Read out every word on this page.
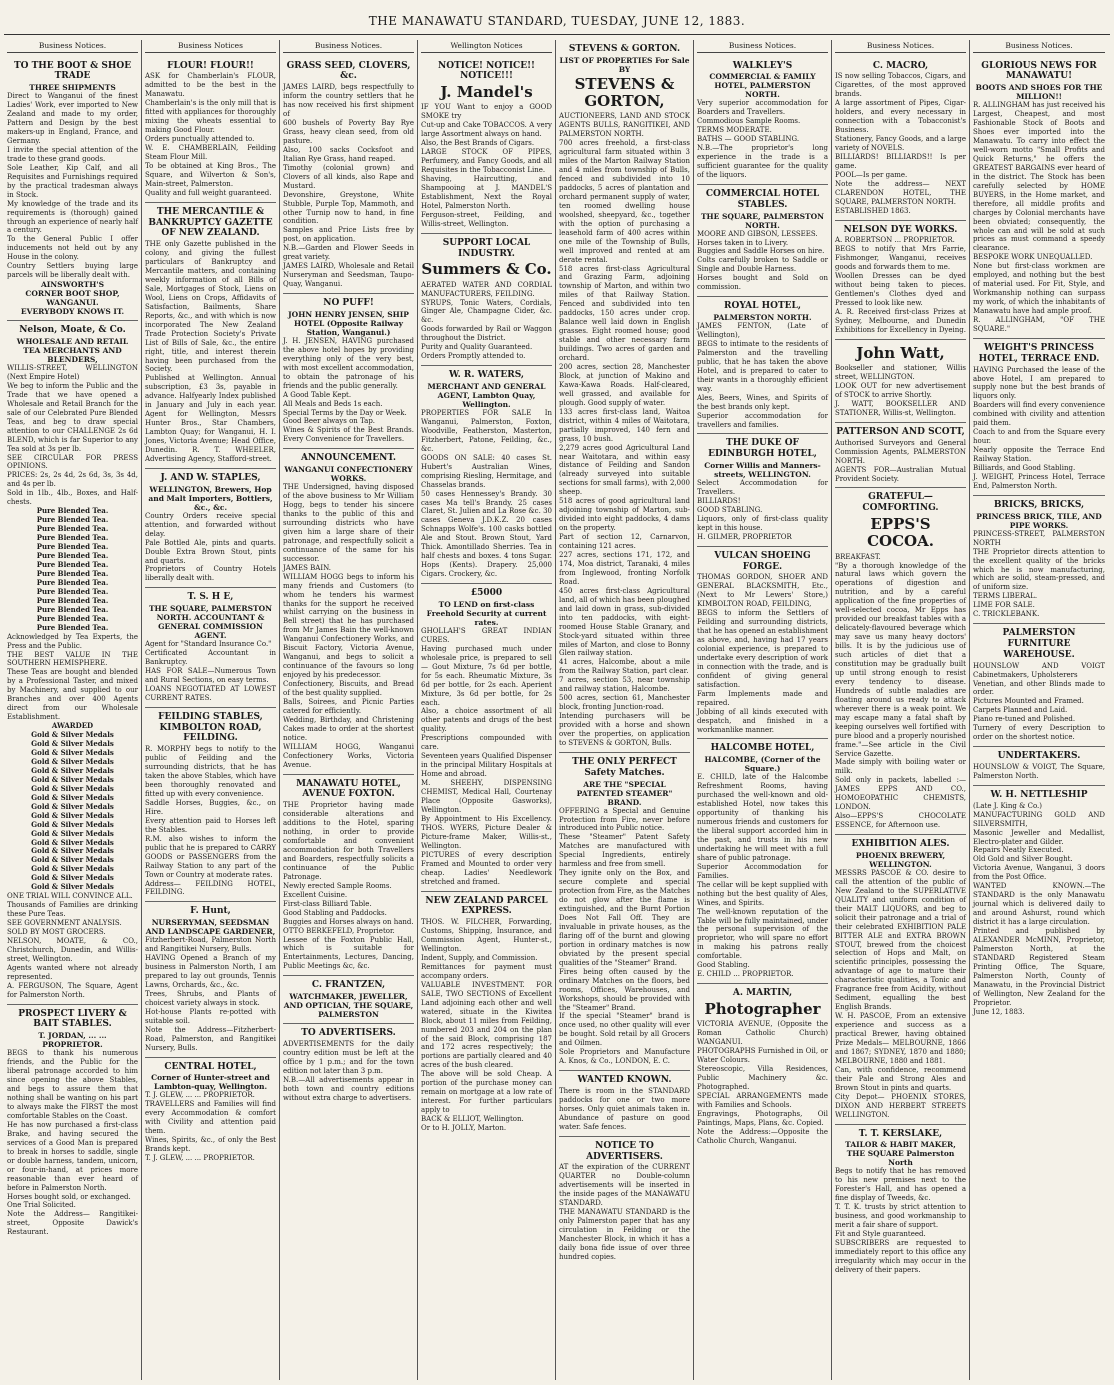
THE MANAWATU STANDARD, TUESDAY, JUNE 12, 1883.
Business Notices.
TO THE BOOT & SHOE TRADE
THREE SHIPMENTS
Direct to Wanganui of the finest Ladies' Work, ever imported to New Zealand and made to my order, Pattern and Design by the best makers-up in England, France, and Germany.
I invite the special attention of the trade to these grand goods.
Sole Leather, Kip Calf, and all Requisites and Furnishings required by the practical tradesman always in Stock.
My knowledge of the trade and its requirements is (thorough) gained through an experience of nearly half a century.
To the General Public I offer inducements not held out by any House in the colony.
Country Settlers buying large parcels will be liberally dealt with.
AINSWORTH'S
CORNER BOOT SHOP, WANGANUI.
EVERYBODY KNOWS IT.
Nelson, Moate, & Co.
WHOLESALE AND RETAIL TEA MERCHANTS AND BLENDERS,
WILLIS-STREET, WELLINGTON (Next Empire Hotel)
We beg to inform the Public and the Trade that we have opened a Wholesale and Retail Branch for the sale of our Celebrated Pure Blended Teas, and beg to draw special attention to our CHALLENGE 2s 6d BLEND, which is far Superior to any Tea sold at 3s per lb.
SEE CIRCULAR FOR PRESS OPINIONS.
PRICES: 2s, 2s 4d, 2s 6d, 3s, 3s 4d, and 4s per lb.
Sold in 1lb., 4lb., Boxes, and Half-chests.
Pure Blended Tea.
Pure Blended Tea.
Pure Blended Tea.
Pure Blended Tea.
Pure Blended Tea.
Pure Blended Tea.
Pure Blended Tea.
Pure Blended Tea.
Pure Blended Tea.
Pure Blended Tea.
Pure Blended Tea.
Pure Blended Tea.
Pure Blended Tea.
Pure Blended Tea.
Acknowledged by Tea Experts, the Press and the Public.
THE BEST VALUE IN THE SOUTHERN HEMISPHERE.
These Teas are bought and blended by a Professional Taster, and mixed by Machinery, and supplied to our Branches and over 400 Agents direct from our Wholesale Establishment.
AWARDED
Gold & Silver Medals
Gold & Silver Medals
Gold & Silver Medals
Gold & Silver Medals
Gold & Silver Medals
Gold & Silver Medals
Gold & Silver Medals
Gold & Silver Medals
Gold & Silver Medals
Gold & Silver Medals
Gold & Silver Medals
Gold & Silver Medals
Gold & Silver Medals
Gold & Silver Medals
Gold & Silver Medals
Gold & Silver Medals
Gold & Silver Medals
Gold & Silver Medals
ONE TRIAL WILL CONVINCE ALL.
Thousands of Families are drinking these Pure Teas.
SEE GOVERNMENT ANALYSIS.
SOLD BY MOST GROCERS.
NELSON, MOATE, & CO., Christchurch, Dunedin, and Willis-street, Wellington.
Agents wanted where not already represented.
A. FERGUSON, The Square, Agent for Palmerston North.
PROSPECT LIVERY & BAIT STABLES.
T. JORDAN, ... ... PROPRIETOR.
BEGS to thank his numerous friends, and the Public for the liberal patronage accorded to him since opening the above Stables, and begs to assure them that nothing shall be wanting on his part to always make the FIRST the most comfortable Stables on the Coast.
He has now purchased a first-class Brake, and having secured the services of a Good Man is prepared to break in horses to saddle, single or double harness, tandem, unicorn, or four-in-hand, at prices more reasonable than ever heard of before in Palmerston North.
Horses bought sold, or exchanged.
One Trial Solicited.
Note the Address— Rangitikei-street, Opposite Dawick's Restaurant.
Business Notices
FLOUR! FLOUR!!
ASK for Chamberlain's FLOUR, admitted to be the best in the Manawatu.
Chamberlain's is the only mill that is fitted with appliances for thoroughly mixing the wheats essential to making Good Flour.
Orders punctually attended to.
W. E. CHAMBERLAIN, Feilding Steam Flour Mill.
To be obtained at King Bros., The Square, and Wilverton & Son's, Main-street, Palmerston.
Quality and full weight guaranteed.
THE MERCANTILE & BANKRUPTCY GAZETTE OF NEW ZEALAND.
THE only Gazette published in the colony, and giving the fullest particulars of Bankruptcy and Mercantile matters, and containing weekly information of all Bills of Sale, Mortgages of Stock, Liens on Wool, Liens on Crops, Affidavits of Satisfaction, Bailments, Share Reports, &c., and with which is now incorporated The New Zealand Trade Protection Society's Private List of Bills of Sale, &c., the entire right, title, and interest therein having been purchased from the Society.
Published at Wellington. Annual subscription, £3 3s, payable in advance. Halfyearly Index published in January and July in each year. Agent for Wellington, Messrs Hunter Bros., Star Chambers, Lambton Quay; for Wanganui, H. I. Jones, Victoria Avenue; Head Office, Dunedin. R. T. WHEELER, Advertising Agency, Stafford-street.
J. AND W. STAPLES,
WELLINGTON, Brewers, Hop and Malt Importers, Bottlers, &c., &c.
Country Orders receive special attention, and forwarded without delay.
Pale Bottled Ale, pints and quarts. Double Extra Brown Stout, pints and quarts.
Proprietors of Country Hotels liberally dealt with.
T. S. H E,
THE SQUARE, PALMERSTON NORTH. ACCOUNTANT & GENERAL COMMISSION AGENT.
Agent for "Standard Insurance Co."
Certificated Accountant in Bankruptcy.
HAS FOR SALE—Numerous Town and Rural Sections, on easy terms.
LOANS NEGOTIATED AT LOWEST CURRENT RATES.
FEILDING STABLES, KIMBOLTON ROAD, FEILDING.
R. MORPHY begs to notify to the public of Feilding and the surrounding districts, that he has taken the above Stables, which have been thoroughly renovated and fitted up with every convenience.
Saddle Horses, Buggies, &c., on Hire.
Every attention paid to Horses left the Stables.
R.M. also wishes to inform the public that he is prepared to CARRY GOODS or PASSENGERS from the Railway Station to any part of the Town or Country at moderate rates.
Address— FEILDING HOTEL, FEILDING.
F. Hunt,
NURSERYMAN, SEEDSMAN AND LANDSCAPE GARDENER,
Fitzherbert-Road, Palmerston North and Rangitikei Nursery, Bulls.
HAVING Opened a Branch of my business in Palmerston North, I am prepared to lay out grounds, Tennis Lawns, Orchards, &c., &c.
Trees, Shrubs, and Plants of choicest variety always in stock.
Hot-house Plants re-potted with suitable soil.
Note the Address—Fitzherbert-Road, Palmerston, and Rangitikei Nursery, Bulls.
CENTRAL HOTEL,
Corner of Hunter-street and Lambton-quay, Wellington.
T. J. GLEW, ... ... PROPRIETOR.
TRAVELLERS and Families will find every Accommodation & comfort with Civility and attention paid them.
Wines, Spirits, &c., of only the Best Brands kept.
T. J. GLEW, ... ... PROPRIETOR.
Business Notices.
GRASS SEED, CLOVERS, &c.
JAMES LAIRD, begs respectfully to inform the country settlers that he has now received his first shipment of
600 bushels of Poverty Bay Rye Grass, heavy clean seed, from old pasture.
Also, 100 sacks Cocksfoot and Italian Rye Grass, hand reaped.
Timothy (colonial grown) and Clovers of all kinds, also Rape and Mustard.
Devonshire, Greystone, White Stubble, Purple Top, Mammoth, and other Turnip now to hand, in fine condition.
Samples and Price Lists free by post, on application.
N.B.—Garden and Flower Seeds in great variety.
JAMES LAIRD, Wholesale and Retail Nurseryman and Seedsman, Taupo-Quay, Wanganui.
NO PUFF!
JOHN HENRY JENSEN, SHIP HOTEL (Opposite Railway Station, Wanganui.)
J. H. JENSEN, HAVING purchased the above hotel hopes by providing everything only of the very best, with most excellent accommodation, to obtain the patronage of his friends and the public generally.
A Good Table Kept.
All Meals and Beds 1s each.
Special Terms by the Day or Week.
Good Beer always on Tap.
Wines & Spirits of the Best Brands. Every Convenience for Travellers.
ANNOUNCEMENT.
WANGANUI CONFECTIONERY WORKS.
THE Undersigned, having disposed of the above business to Mr William Hogg, begs to tender his sincere thanks to the public of this and surrounding districts who have given him a large share of their patronage, and respectfully solicit a continuance of the same for his successor.
JAMES BAIN.
WILLIAM HOGG begs to inform his many friends and Customers (to whom he tenders his warmest thanks for the support he received whilst carrying on the business in Bell street) that he has purchased from Mr James Bain the well-known Wanganui Confectionery Works, and Biscuit Factory, Victoria Avenue, Wanganui, and begs to solicit a continuance of the favours so long enjoyed by his predecessor.
Confectionery, Biscuits, and Bread of the best quality supplied.
Balls, Soirees, and Picnic Parties catered for efficiently.
Wedding, Birthday, and Christening Cakes made to order at the shortest notice.
WILLIAM HOGG, Wanganui Confectionery Works, Victoria Avenue.
MANAWATU HOTEL, AVENUE FOXTON.
THE Proprietor having made considerable alterations and additions to the Hotel, sparing nothing, in order to provide comfortable and convenient accommodation for both Travellers and Boarders, respectfully solicits a continuance of the Public Patronage.
Newly erected Sample Rooms.
Excellent Cuisine.
First-class Billiard Table.
Good Stabling and Paddocks.
Buggies and Horses always on hand.
OTTO BERKEFELD, Proprietor.
Lessee of the Foxton Public Hall, which is suitable for Entertainments, Lectures, Dancing, Public Meetings &c, &c.
C. FRANTZEN,
WATCHMAKER, JEWELLER, AND OPTICIAN, THE SQUARE, PALMERSTON
TO ADVERTISERS.
ADVERTISEMENTS for the daily country edition must be left at the office by 1 p.m.; and for the town edition not later than 3 p.m.
N.B.—All advertisements appear in both town and country editions without extra charge to advertisers.
Wellington Notices
NOTICE! NOTICE!! NOTICE!!!
J. Mandel's
IF YOU Want to enjoy a GOOD SMOKE try
Cut-up and Cake TOBACCOS. A very large Assortment always on hand.
Also, the Best Brands of Cigars.
LARGE STOCK OF PIPES, Perfumery, and Fancy Goods, and all Requisites in the Tobacconist Line.
Shaving, Haircutting, and Shampooing at J. MANDEL'S Establishment, Next the Royal Hotel, Palmerston North.
Ferguson-street, Feilding, and Willis-street, Wellington.
SUPPORT LOCAL INDUSTRY.
Summers & Co.
AERATED WATER AND CORDIAL MANUFACTURERS, FEILDING.
SYRUPS, Tonic Waters, Cordials, Ginger Ale, Champagne Cider, &c. &c.
Goods forwarded by Rail or Waggon throughout the District.
Purity and Quality Guaranteed.
Orders Promptly attended to.
W. R. WATERS,
MERCHANT AND GENERAL AGENT, Lambton Quay, Wellington.
PROPERTIES FOR SALE In Wanganui, Palmerston, Foxton, Woodville, Featherston, Masterton, Fitzherbert, Patone, Feilding, &c., &c.
GOODS ON SALE: 40 cases St. Hubert's Australian Wines, comprising Riesling, Hermitage, and Chasselas brands.
50 cases Hennessey's Brandy. 30 cases Ma tell's Brandy. 25 cases Claret, St. Julien and La Rose &c. 30 cases Geneva J.D.K.Z. 20 cases Schnapps Wolfe's. 100 casks bottled Ale and Stout. Brown Stout, Yard Thick. Amontillado Sherries. Tea in half chests and boxes. 4 tons Sugar. Hops (Kents). Drapery. 25,000 Cigars. Crockery, &c.
£5000
TO LEND on first-class Freehold Security at current rates.
GHOLLAH'S GREAT INDIAN CURES.
Having purchased much under wholesale price, is prepared to sell— Gout Mixture, 7s 6d per bottle, for 5s each. Rheumatic Mixture, 3s 6d per bottle, for 2s each. Aperient Mixture, 3s 6d per bottle, for 2s each.
Also, a choice assortment of all other patents and drugs of the best quality.
Prescriptions compounded with care.
Seventeen years Qualified Dispenser in the principal Military Hospitals at Home and abroad.
M. SHEEHY, DISPENSING CHEMIST, Medical Hall, Courtenay Place (Opposite Gasworks), Wellington.
By Appointment to His Excellency. THOS. WYERS, Picture Dealer & Picture-frame Maker, Willis-st., Wellington.
PICTURES of every description Framed and Mounted to order very cheap. Ladies' Needlework stretched and framed.
NEW ZEALAND PARCEL EXPRESS.
THOS. W. FILCHER, Forwarding, Customs, Shipping, Insurance, and Commission Agent, Hunter-st., Wellington.
Indent, Supply, and Commission.
Remittances for payment must accompany orders.
VALUABLE INVESTMENT. FOR SALE, TWO SECTIONS of Excellent Land adjoining each other and well watered, situate in the Kiwitea Block, about 11 miles from Feilding, numbered 203 and 204 on the plan of the said Block, comprising 187 and 172 acres respectively; the portions are partially cleared and 40 acres of the bush cleared.
The above will be sold Cheap. A portion of the purchase money can remain on mortgage at a low rate of interest. For further particulars apply to
BACK & ELLIOT, Wellington.
Or to H. JOLLY, Marton.
STEVENS & GORTON.
LIST OF PROPERTIES For Sale BY
STEVENS & GORTON,
AUCTIONEERS, LAND AND STOCK AGENTS BULLS, RANGITIKEI, AND PALMERSTON NORTH.
700 acres freehold, a first-class agricultural farm situated within 3 miles of the Marton Railway Station and 4 miles from township of Bulls, fenced and subdivided into 10 paddocks, 5 acres of plantation and orchard permanent supply of water, ten roomed dwelling house woolshed, sheepyard, &c., together with the option of purchasing a leasehold farm of 400 acres within one mile of the Township of Bulls, well improved and rented at am derate rental.
518 acres first-class Agricultural and Grazing Farm, adjoining township of Marton, and within two miles of that Railway Station. Fenced and subdivided into ten paddocks, 150 acres under crop. Balance well laid down in English grasses. Eight roomed house; good stable and other necessary farm buildings. Two acres of garden and orchard.
200 acres, section 28, Manchester Block, at junction of Makino and Kawa-Kawa Roads. Half-cleared, well grassed, and available for plough. Good supply of water.
133 acres first-class land, Waitoa district, within 4 miles of Waitotara, partially improved, 140 fern and grass, 10 bush.
2,279 acres good Agricultural Land near Waitotara, and within easy distance of Feilding and Sandon (already surveyed into suitable sections for small farms), with 2,000 sheep.
518 acres of good agricultural land adjoining township of Marton, sub-divided into eight paddocks, 4 dams on the property.
Part of section 12, Carnarvon, containing 121 acres.
227 acres, sections 171, 172, and 174, Moa district, Taranaki, 4 miles from Inglewood, fronting Norfolk Road.
450 acres first-class Agricultural land, all of which has been ploughed and laid down in grass, sub-divided into ten paddocks, with eight-roomed House Stable Granary, and Stock-yard situated within three miles of Marton, and close to Bonny Glen railway station.
41 acres, Halcombe, about a mile from the Railway Station, part clear.
7 acres, section 53, near township and railway station, Halcombe.
500 acres, section 61, Manchester block, fronting Junction-road.
Intending purchasers will be provided with a horse and shown over the properties, on application to STEVENS & GORTON, Bulls.
THE ONLY PERFECT Safety Matches.
ARE THE "SPECIAL PATENTED STEAMER" BRAND.
OFFERING a Special and Genuine Protection from Fire, never before introduced into Public notice.
These "Steamer" Patent Safety Matches are manufactured with Special Ingredients, entirely harmless and free from smell.
They ignite only on the Box, and secure complete and special protection from Fire, as the Matches do not glow after the flame is extinguished, and the Burnt Portion Does Not Fall Off. They are invaluable in private houses, as the flaring off of the burnt and glowing portion in ordinary matches is now obviated by the present special qualities of the "Steamer" Brand.
Fires being often caused by the ordinary Matches on the floors, bed rooms, Offices, Warehouses, and Workshops, should be provided with the "Steamer" Brand.
If the special "Steamer" brand is once used, no other quality will ever be bought. Sold retail by all Grocers and Oilmen.
Sole Proprietors and Manufacture A. Knos, & Co., LONDON, E. C.
WANTED KNOWN.
There is room in the STANDARD paddocks for one or two more horses. Only quiet animals taken in. Abundance of pasture on good water. Safe fences.
NOTICE TO ADVERTISERS.
AT the expiration of the CURRENT QUARTER no Double-column advertisements will be inserted in the inside pages of the MANAWATU STANDARD.
THE MANAWATU STANDARD is the only Palmerston paper that has any circulation in Feilding or the Manchester Block, in which it has a daily bona fide issue of over three hundred copies.
Business Notices.
WALKLEY'S
COMMERCIAL & FAMILY HOTEL, PALMERSTON NORTH.
Very superior accommodation for Boarders and Travellers.
Commodious Sample Rooms.
TERMS MODERATE.
BATHS — GOOD STABLING.
N.B.—The proprietor's long experience in the trade is a sufficient guarantee for the quality of the liquors.
COMMERCIAL HOTEL STABLES.
THE SQUARE, PALMERSTON NORTH.
MOORE AND GIBSON, LESSEES.
Horses taken in to Livery.
Buggies and Saddle Horses on hire.
Colts carefully broken to Saddle or Single and Double Harness.
Horses bought and Sold on commission.
ROYAL HOTEL,
PALMERSTON NORTH.
JAMES FENTON, (Late of Wellington),
BEGS to intimate to the residents of Palmerston and the travelling public, that he has taken the above Hotel, and is prepared to cater to their wants in a thoroughly efficient way.
Ales, Beers, Wines, and Spirits of the best brands only kept.
Superior accommodation for travellers and families.
THE DUKE OF EDINBURGH HOTEL,
Corner Willis and Manners-streets, WELLINGTON.
Select Accommodation for Travellers.
BILLIARDS!
GOOD STABLING.
Liquors, only of first-class quality kept in this house.
H. GILMER, PROPRIETOR
VULCAN SHOEING FORGE.
THOMAS GORDON, SHOER AND GENERAL BLACKSMITH, Etc., (Next to Mr Lewers' Store,) KIMBOLTON ROAD, FEILDING,
BEGS to inform the Settlers of Feilding and surrounding districts, that he has opened an establishment as above, and, having had 17 years colonial experience, is prepared to undertake every description of work in connection with the trade, and is confident of giving general satisfaction.
Farm Implements made and repaired.
Jobbing of all kinds executed with despatch, and finished in a workmanlike manner.
HALCOMBE HOTEL,
HALCOMBE, (Corner of the Square.)
E. CHILD, late of the Halcombe Refreshment Rooms, having purchased the well-known and old-established Hotel, now takes this opportunity of thanking his numerous friends and customers for the liberal support accorded him in the past, and trusts in his new undertaking he will meet with a full share of public patronage.
Superior Accommodation for Families.
The cellar will be kept supplied with nothing but the best quality of Ales, Wines, and Spirits.
The well-known reputation of the Table will be fully maintained, under the personal supervision of the proprietor, who will spare no effort in making his patrons really comfortable.
Good Stabling.
E. CHILD ... PROPRIETOR.
A. MARTIN,
Photographer
VICTORIA AVENUE, (Opposite the Roman Catholic Church) WANGANUI.
PHOTOGRAPHS Furnished in Oil, or Water Colours.
Stereoscopic, Villa Residences, Public Machinery &c. Photographed.
SPECIAL ARRANGEMENTS made with Families and Schools.
Engravings, Photographs, Oil Paintings, Maps, Plans, &c. Copied.
Note the Address:—Opposite the Catholic Church, Wanganui.
Business Notices.
C. MACRO,
IS now selling Tobaccos, Cigars, and Cigarettes, of the most approved brands.
A large assortment of Pipes, Cigar-holders, and every necessary in connection with a Tobacconist's Business.
Stationery, Fancy Goods, and a large variety of NOVELS.
BILLIARDS! BILLIARDS!! Is per game.
POOL—Is per game.
Note the address— NEXT CLARENDON HOTEL, THE SQUARE, PALMERSTON NORTH.
ESTABLISHED 1863.
NELSON DYE WORKS.
A. ROBERTSON ... PROPRIETOR.
BEGS to notify that Mrs Farrie, Fishmonger, Wanganui, receives goods and forwards them to me.
Woollen Dresses can be dyed without being taken to pieces. Gentlemen's Clothes dyed and Pressed to look like new.
A. R. Received first-class Prizes at Sydney, Melbourne, and Dunedin Exhibitions for Excellency in Dyeing.
John Watt,
Bookseller and stationer, Willis street, WELLINGTON.
LOOK OUT for new advertisement of STOCK to arrive Shortly.
J. WATT, BOOKSELLER AND STATIONER, Willis-st, Wellington.
PATTERSON AND SCOTT,
Authorised Surveyors and General Commission Agents, PALMERSTON NORTH.
AGENTS FOR—Australian Mutual Provident Society.
GRATEFUL—COMFORTING.
EPPS'S COCOA.
BREAKFAST.
"By a thorough knowledge of the natural laws which govern the operations of digestion and nutrition, and by a careful application of the fine properties of well-selected cocoa, Mr Epps has provided our breakfast tables with a delicately-flavoured beverage which may save us many heavy doctors' bills. It is by the judicious use of such articles of diet that a constitution may be gradually built up until strong enough to resist every tendency to disease. Hundreds of subtle maladies are floating around us ready to attack wherever there is a weak point. We may escape many a fatal shaft by keeping ourselves well fortified with pure blood and a properly nourished frame."—See article in the Civil Service Gazette.
Made simply with boiling water or milk.
Sold only in packets, labelled :— JAMES EPPS AND CO., HOMOEOPATHIC CHEMISTS, LONDON.
Also—EPPS'S CHOCOLATE ESSENCE, for Afternoon use.
EXHIBITION ALES.
PHOENIX BREWERY, WELLINGTON.
MESSRS PASCOE & CO. desire to call the attention of the public of New Zealand to the SUPERLATIVE QUALITY and uniform condition of their MALT LIQUORS, and beg to solicit their patronage and a trial of their celebrated EXHIBITION PALE BITTER ALE and EXTRA BROWN STOUT, brewed from the choicest selection of Hops and Malt, on scientific principles, possessing the advantage of age to mature their characteristic qualities, a Tonic and Fragrance free from Acidity, without Sediment, equalling the best English Brands.
W. H. PASCOE, From an extensive experience and success as a practical Brewer, having obtained Prize Medals— MELBOURNE, 1866 and 1867; SYDNEY, 1870 and 1880; MELBOURNE, 1880 and 1881.
Can, with confidence, recommend their Pale and Strong Ales and Brown Stout in pints and quarts.
City Depot— PHOENIX STORES, DIXON AND HERBERT STREETS WELLINGTON.
T. T. KERSLAKE,
TAILOR & HABIT MAKER, THE SQUARE Palmerston North
Begs to notify that he has removed to his new premises next to the Forester's Hall, and has opened a fine display of Tweeds, &c.
T. T. K. trusts by strict attention to business, and good workmanship to merit a fair share of support.
Fit and Style guaranteed.
SUBSCRIBERS are requested to immediately report to this office any irregularity which may occur in the delivery of their papers.
Business Notices.
GLORIOUS NEWS FOR MANAWATU!
BOOTS AND SHOES FOR THE MILLION!!
R. ALLINGHAM has just received his Largest, Cheapest, and most Fashionable Stock of Boots and Shoes ever imported into the Manawatu. To carry into effect the well-worn motto "Small Profits and Quick Returns," he offers the GREATEST BARGAINS ever heard of in the district. The Stock has been carefully selected by HOME BUYERS, in the Home market, and therefore, all middle profits and charges by Colonial merchants have been obviated; consequently, the whole can and will be sold at such prices as must command a speedy clearance.
BESPOKE WORK UNEQUALLED.
None but first-class workmen are employed, and nothing but the best of material used. For Fit, Style, and Workmanship nothing can surpass my work, of which the inhabitants of Manawatu have had ample proof.
R. ALLINGHAM, "OF THE SQUARE."
WEIGHT'S PRINCESS HOTEL, TERRACE END.
HAVING Purchased the lease of the above Hotel, I am prepared to supply none but the best brands of liquors only.
Boarders will find every convenience combined with civility and attention paid them.
Coach to and from the Square every hour.
Nearly opposite the Terrace End Railway Station.
Billiards, and Good Stabling.
J. WEIGHT, Princess Hotel, Terrace End, Palmerston North.
BRICKS, BRICKS,
PRINCESS BRICK, TILE, AND PIPE WORKS.
PRINCESS-STREET, PALMERSTON NORTH
THE Proprietor directs attention to the excellent quality of the bricks which he is now manufacturing, which are solid, steam-pressed, and of uniform size.
TERMS LIBERAL.
LIME FOR SALE.
C. TRICKLEBANK.
PALMERSTON FURNITURE WAREHOUSE.
HOUNSLOW AND VOIGT Cabinetmakers, Upholsterers
Venetian, and other Blinds made to order.
Pictures Mounted and Framed.
Carpets Planned and Laid.
Piano re-tuned and Polished.
Turnery of every Description to order on the shortest notice.
UNDERTAKERS.
HOUNSLOW & VOIGT, The Square, Palmerston North.
W. H. NETTLESHIP
(Late J. King & Co.)
MANUFACTURING GOLD AND SILVERSMITH,
Masonic Jeweller and Medallist, Electro-plater and Gilder.
Repairs Neatly Executed.
Old Gold and Silver Bought.
Victoria Avenue, Wanganui, 3 doors from the Post Office.
WANTED KNOWN.—The STANDARD is the only Manawatu journal which is delivered daily to and around Ashurst, round which district it has a large circulation.
Printed and published by ALEXANDER McMINN, Proprietor, Palmerston North, at the STANDARD Registered Steam Printing Office, The Square, Palmerston North, County of Manawatu, in the Provincial District of Wellington, New Zealand for the Proprietor.
June 12, 1883.
